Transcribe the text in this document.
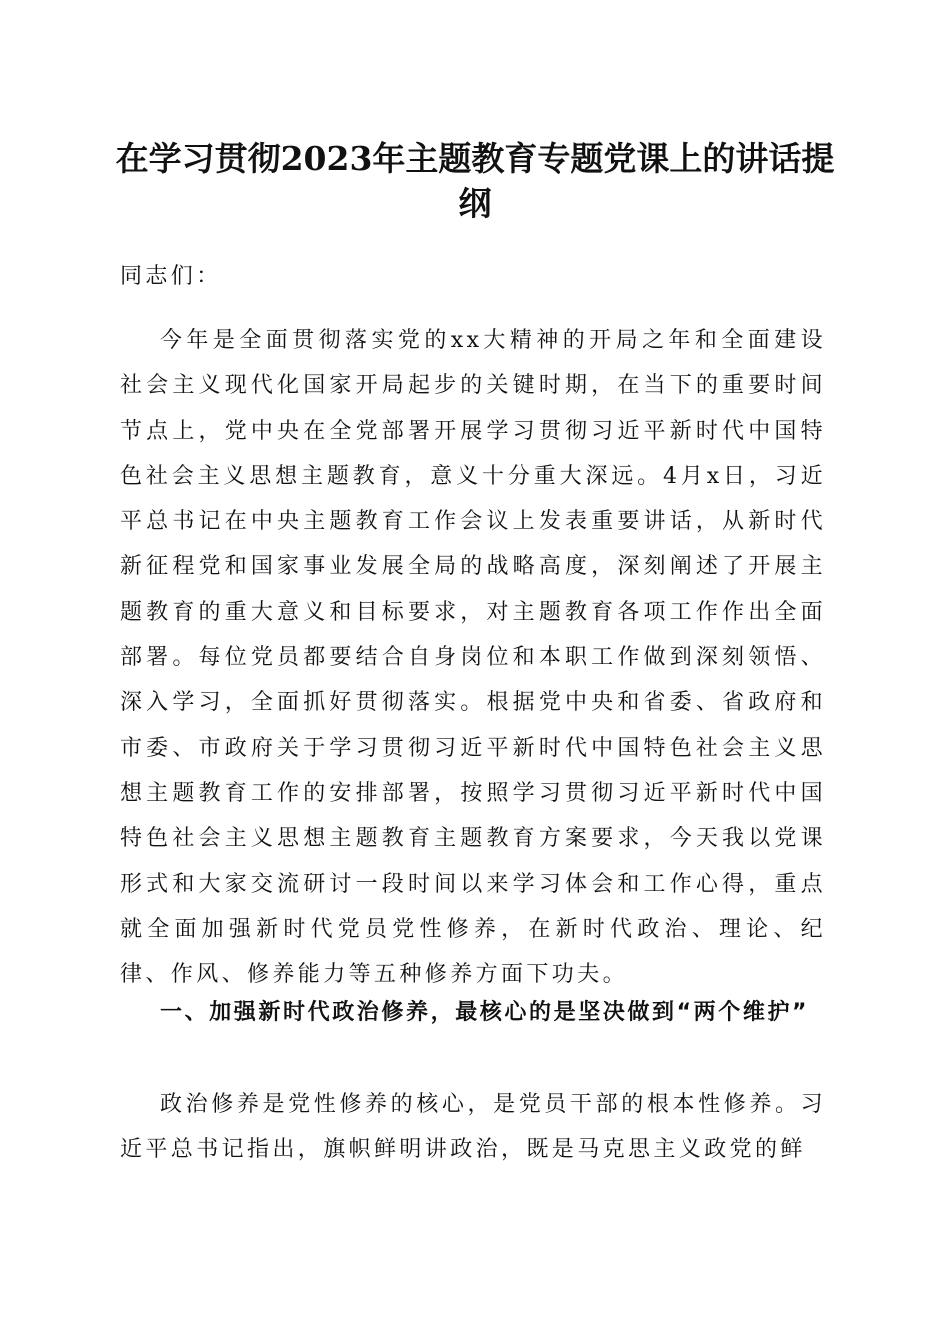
在学习贯彻2023年主题教育专题党课上的讲话提纲
同志们：
今年是全面贯彻落实党的xx大精神的开局之年和全面建设社会主义现代化国家开局起步的关键时期，在当下的重要时间节点上，党中央在全党部署开展学习贯彻习近平新时代中国特色社会主义思想主题教育，意义十分重大深远。4月x日，习近平总书记在中央主题教育工作会议上发表重要讲话，从新时代新征程党和国家事业发展全局的战略高度，深刻阐述了开展主题教育的重大意义和目标要求，对主题教育各项工作作出全面部署。每位党员都要结合自身岗位和本职工作做到深刻领悟、深入学习，全面抓好贯彻落实。根据党中央和省委、省政府和市委、市政府关于学习贯彻习近平新时代中国特色社会主义思想主题教育工作的安排部署，按照学习贯彻习近平新时代中国特色社会主义思想主题教育主题教育方案要求，今天我以党课形式和大家交流研讨一段时间以来学习体会和工作心得，重点就全面加强新时代党员党性修养，在新时代政治、理论、纪律、作风、修养能力等五种修养方面下功夫。
一、加强新时代政治修养，最核心的是坚决做到“两个维护”
政治修养是党性修养的核心，是党员干部的根本性修养。习近平总书记指出，旗帜鲜明讲政治，既是马克思主义政党的鲜
